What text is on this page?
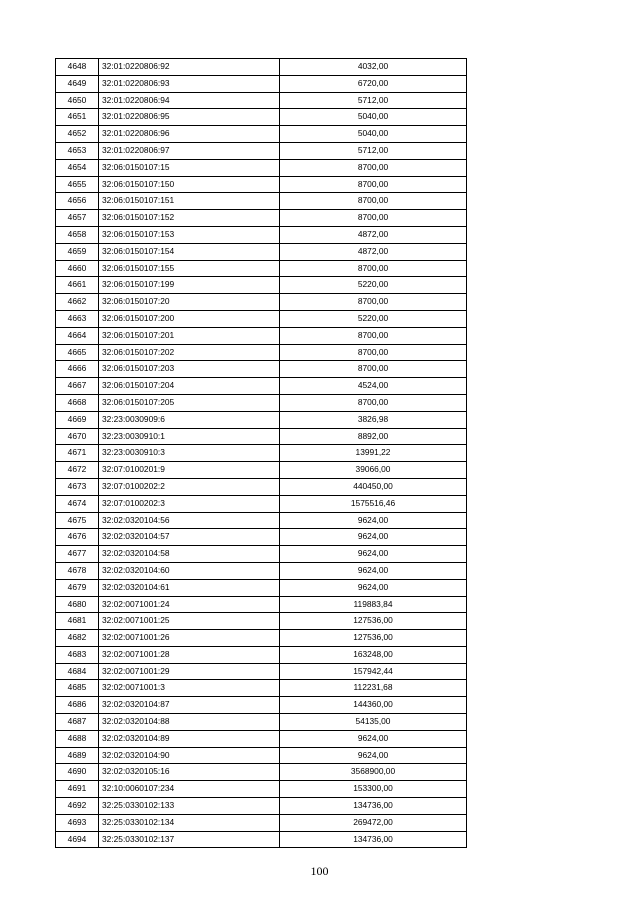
4648	32:01:0220806:92	4032,00
4649	32:01:0220806:93	6720,00
4650	32:01:0220806:94	5712,00
4651	32:01:0220806:95	5040,00
4652	32:01:0220806:96	5040,00
4653	32:01:0220806:97	5712,00
4654	32:06:0150107:15	8700,00
4655	32:06:0150107:150	8700,00
4656	32:06:0150107:151	8700,00
4657	32:06:0150107:152	8700,00
4658	32:06:0150107:153	4872,00
4659	32:06:0150107:154	4872,00
4660	32:06:0150107:155	8700,00
4661	32:06:0150107:199	5220,00
4662	32:06:0150107:20	8700,00
4663	32:06:0150107:200	5220,00
4664	32:06:0150107:201	8700,00
4665	32:06:0150107:202	8700,00
4666	32:06:0150107:203	8700,00
4667	32:06:0150107:204	4524,00
4668	32:06:0150107:205	8700,00
4669	32:23:0030909:6	3826,98
4670	32:23:0030910:1	8892,00
4671	32:23:0030910:3	13991,22
4672	32:07:0100201:9	39066,00
4673	32:07:0100202:2	440450,00
4674	32:07:0100202:3	1575516,46
4675	32:02:0320104:56	9624,00
4676	32:02:0320104:57	9624,00
4677	32:02:0320104:58	9624,00
4678	32:02:0320104:60	9624,00
4679	32:02:0320104:61	9624,00
4680	32:02:0071001:24	119883,84
4681	32:02:0071001:25	127536,00
4682	32:02:0071001:26	127536,00
4683	32:02:0071001:28	163248,00
4684	32:02:0071001:29	157942,44
4685	32:02:0071001:3	112231,68
4686	32:02:0320104:87	144360,00
4687	32:02:0320104:88	54135,00
4688	32:02:0320104:89	9624,00
4689	32:02:0320104:90	9624,00
4690	32:02:0320105:16	3568900,00
4691	32:10:0060107:234	153300,00
4692	32:25:0330102:133	134736,00
4693	32:25:0330102:134	269472,00
4694	32:25:0330102:137	134736,00
100
